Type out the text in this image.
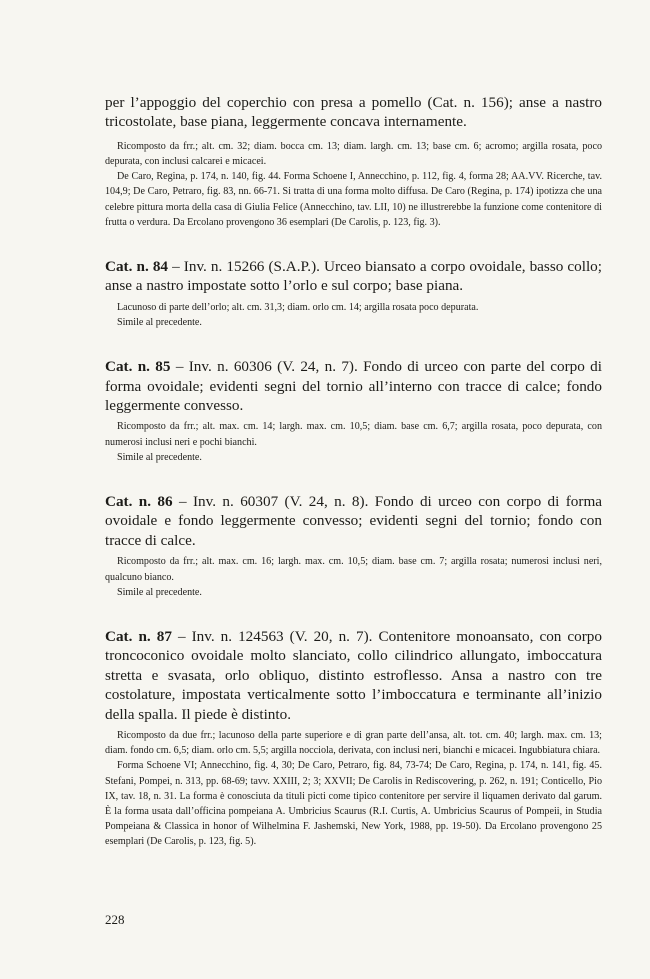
per l’appoggio del coperchio con presa a pomello (Cat. n. 156); anse a nastro tricostolate, base piana, leggermente concava internamente.

Ricomposto da frr.; alt. cm. 32; diam. bocca cm. 13; diam. largh. cm. 13; base cm. 6; acromo; argilla rosata, poco depurata, con inclusi calcarei e micacei.

De Caro, Regina, p. 174, n. 140, fig. 44. Forma Schoene I, Annecchino, p. 112, fig. 4, forma 28; AA.VV. Ricerche, tav. 104,9; De Caro, Petraro, fig. 83, nn. 66-71. Si tratta di una forma molto diffusa. De Caro (Regina, p. 174) ipotizza che una celebre pittura morta della casa di Giulia Felice (Annecchino, tav. LII, 10) ne illustrerebbe la funzione come contenitore di frutta o verdura. Da Ercolano provengono 36 esemplari (De Carolis, p. 123, fig. 3).

Cat. n. 84 – Inv. n. 15266 (S.A.P.). Urceo biansato a corpo ovoidale, basso collo; anse a nastro impostate sotto l’orlo e sul corpo; base piana.

Lacunoso di parte dell’orlo; alt. cm. 31,3; diam. orlo cm. 14; argilla rosata poco depurata.

Simile al precedente.

Cat. n. 85 – Inv. n. 60306 (V. 24, n. 7). Fondo di urceo con parte del corpo di forma ovoidale; evidenti segni del tornio all’interno con tracce di calce; fondo leggermente convesso.

Ricomposto da frr.; alt. max. cm. 14; largh. max. cm. 10,5; diam. base cm. 6,7; argilla rosata, poco depurata, con numerosi inclusi neri e pochi bianchi.

Simile al precedente.

Cat. n. 86 – Inv. n. 60307 (V. 24, n. 8). Fondo di urceo con corpo di forma ovoidale e fondo leggermente convesso; evidenti segni del tornio; fondo con tracce di calce.

Ricomposto da frr.; alt. max. cm. 16; largh. max. cm. 10,5; diam. base cm. 7; argilla rosata; numerosi inclusi neri, qualcuno bianco.

Simile al precedente.

Cat. n. 87 – Inv. n. 124563 (V. 20, n. 7). Contenitore monoansato, con corpo troncoconico ovoidale molto slanciato, collo cilindrico allungato, imboccatura stretta e svasata, orlo obliquo, distinto estroflesso. Ansa a nastro con tre costolature, impostata verticalmente sotto l’imboccatura e terminante all’inizio della spalla. Il piede è distinto.

Ricomposto da due frr.; lacunoso della parte superiore e di gran parte dell’ansa, alt. tot. cm. 40; largh. max. cm. 13; diam. fondo cm. 6,5; diam. orlo cm. 5,5; argilla nocciola, derivata, con inclusi neri, bianchi e micacei. Ingubbiatura chiara.

Forma Schoene VI; Annecchino, fig. 4, 30; De Caro, Petraro, fig. 84, 73-74; De Caro, Regina, p. 174, n. 141, fig. 45. Stefani, Pompei, n. 313, pp. 68-69; tavv. XXIII, 2; 3; XXVII; De Carolis in Rediscovering, p. 262, n. 191; Conticello, Pio IX, tav. 18, n. 31. La forma è conosciuta da tituli picti come tipico contenitore per servire il liquamen derivato dal garum. È la forma usata dall’officina pompeiana A. Umbricius Scaurus (R.I. Curtis, A. Umbricius Scaurus of Pompeii, in Studia Pompeiana & Classica in honor of Wilhelmina F. Jashemski, New York, 1988, pp. 19-50). Da Ercolano provengono 25 esemplari (De Carolis, p. 123, fig. 5).

228
